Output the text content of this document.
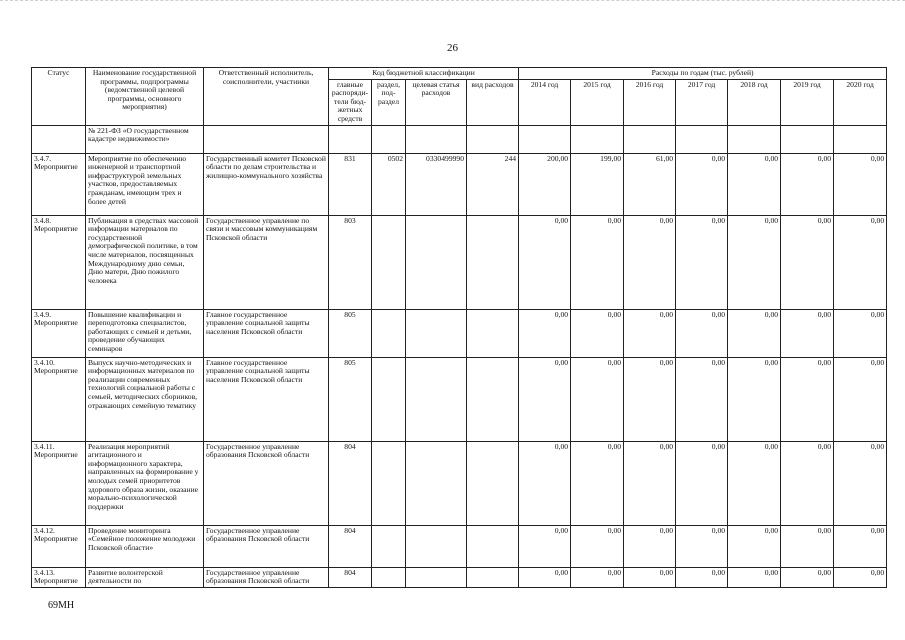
26
Статус	Наименование государственной программы, подпрограммы (ведомственной целевой программы, основного мероприятия)	Ответственный исполнитель, соисполнители, участники	Код бюджетной классификации				Расходы по годам (тыс. рублей)						
			главные распоряди-тели бюд-жетных средств	раздел, под-раздел	целевая статья расходов	вид расходов	2014 год	2015 год	2016 год	2017 год	2018 год	2019 год	2020 год
	№ 221-ФЗ «О государственном кадастре недвижимости»												
3.4.7. Мероприятие	Мероприятие по обеспечению инженерной и транспортной инфраструктурой земельных участков, предоставляемых гражданам, имеющим трех и более детей	Государственный комитет Псковской области по делам строительства и жилищно-коммунального хозяйства	831	0502	0330499990	244	200,00	199,00	61,00	0,00	0,00	0,00	0,00
3.4.8. Мероприятие	Публикация в средствах массовой информации материалов по государственной демографической политике, в том числе материалов, посвященных Международному дню семьи, Дню матери, Дню пожилого человека	Государственное управление по связи и массовым коммуникациям Псковской области	803				0,00	0,00	0,00	0,00	0,00	0,00	0,00
3.4.9. Мероприятие	Повышение квалификации и переподготовка специалистов, работающих с семьей и детьми, проведение обучающих семинаров	Главное государственное управление социальной защиты населения Псковской области	805				0,00	0,00	0,00	0,00	0,00	0,00	0,00
3.4.10. Мероприятие	Выпуск научно-методических и информационных материалов по реализации современных технологий социальной работы с семьей, методических сборников, отражающих семейную тематику	Главное государственное управление социальной защиты населения Псковской области	805				0,00	0,00	0,00	0,00	0,00	0,00	0,00
3.4.11. Мероприятие	Реализация мероприятий агитационного и информационного характера, направленных на формирование у молодых семей приоритетов здорового образа жизни, оказание морально-психологической поддержки	Государственное управление образования Псковской области	804				0,00	0,00	0,00	0,00	0,00	0,00	0,00
3.4.12. Мероприятие	Проведение мониторинга «Семейное положение молодежи Псковской области»	Государственное управление образования Псковской области	804				0,00	0,00	0,00	0,00	0,00	0,00	0,00
3.4.13. Мероприятие	Развитие волонтерской деятельности по	Государственное управление образования Псковской области	804				0,00	0,00	0,00	0,00	0,00	0,00	0,00
69МН
